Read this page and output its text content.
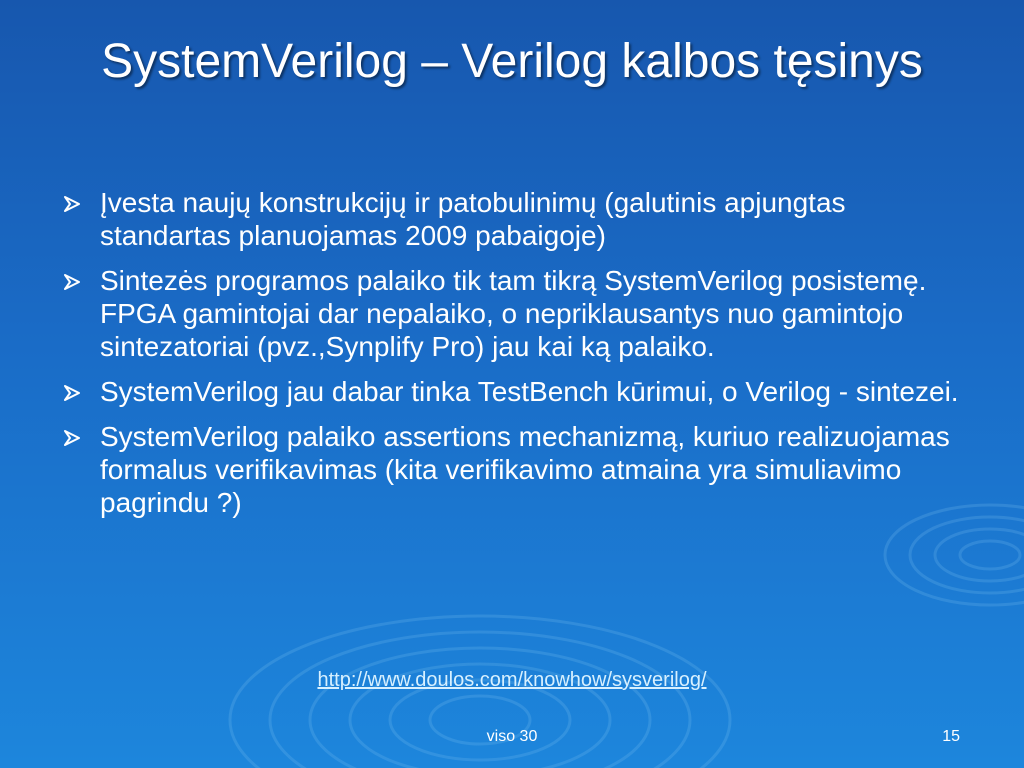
SystemVerilog – Verilog kalbos tęsinys
Įvesta naujų konstrukcijų ir patobulinimų (galutinis apjungtas standartas planuojamas 2009 pabaigoje)
Sintezės programos palaiko tik tam tikrą SystemVerilog posistemę. FPGA gamintojai dar nepalaiko, o nepriklausantys nuo gamintojo sintezatoriai (pvz.,Synplify Pro) jau kai ką palaiko.
SystemVerilog jau dabar tinka TestBench kūrimui, o Verilog - sintezei.
SystemVerilog palaiko assertions mechanizmą, kuriuo realizuojamas formalus verifikavimas (kita verifikavimo atmaina yra simuliavimo pagrindu ?)
http://www.doulos.com/knowhow/sysverilog/
viso 30	15
